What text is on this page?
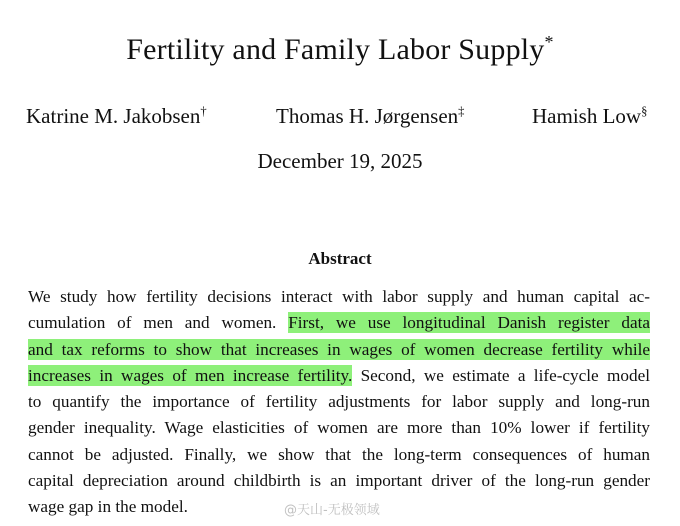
Fertility and Family Labor Supply*
Katrine M. Jakobsen†	Thomas H. Jørgensen‡	Hamish Low§
December 19, 2025
Abstract
We study how fertility decisions interact with labor supply and human capital ac-
cumulation of men and women. First, we use longitudinal Danish register data
and tax reforms to show that increases in wages of women decrease fertility while
increases in wages of men increase fertility. Second, we estimate a life-cycle model
to quantify the importance of fertility adjustments for labor supply and long-run
gender inequality. Wage elasticities of women are more than 10% lower if fertility
cannot be adjusted. Finally, we show that the long-term consequences of human
capital depreciation around childbirth is an important driver of the long-run gender
wage gap in the model.	@天山-无极领域
